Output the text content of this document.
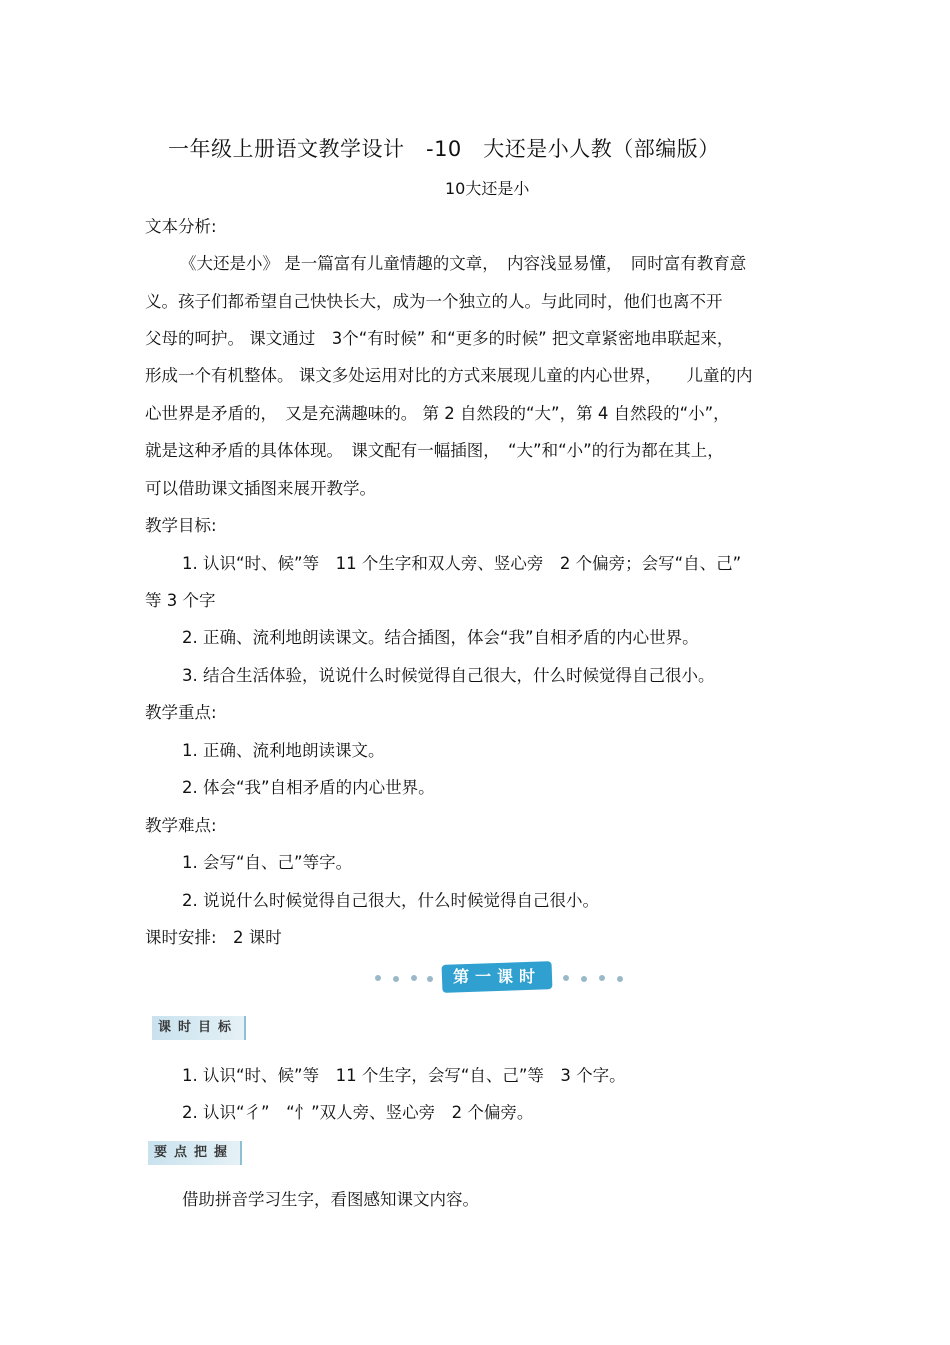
一年级上册语文教学设计　-10　大还是小人教（部编版）
10大还是小
文本分析:
《大还是小》 是一篇富有儿童情趣的文章，　内容浅显易懂，　同时富有教育意
义。孩子们都希望自己快快长大，成为一个独立的人。与此同时，他们也离不开
父母的呵护。 课文通过　3个“有时候” 和“更多的时候” 把文章紧密地串联起来，
形成一个有机整体。 课文多处运用对比的方式来展现儿童的内心世界，　　儿童的内
心世界是矛盾的，　又是充满趣味的。 第 2 自然段的“大”，第 4 自然段的“小”，
就是这种矛盾的具体体现。　课文配有一幅插图，　“大”和“小”的行为都在其上，
可以借助课文插图来展开教学。
教学目标:
1. 认识“时、候”等　11 个生字和双人旁、竖心旁　2 个偏旁；会写“自、己”
等 3 个字
2. 正确、流利地朗读课文。结合插图，体会“我”自相矛盾的内心世界。
3. 结合生活体验，说说什么时候觉得自己很大，什么时候觉得自己很小。
教学重点:
1. 正确、流利地朗读课文。
2. 体会“我”自相矛盾的内心世界。
教学难点:
1. 会写“自、己”等字。
2. 说说什么时候觉得自己很大，什么时候觉得自己很小。
课时安排:　2 课时
第一课时
课时目标
1. 认识“时、候”等　11 个生字，会写“自、己”等　3 个字。
2. 认识“彳”　“忄”双人旁、竖心旁　2 个偏旁。
要点把握
借助拼音学习生字，看图感知课文内容。
